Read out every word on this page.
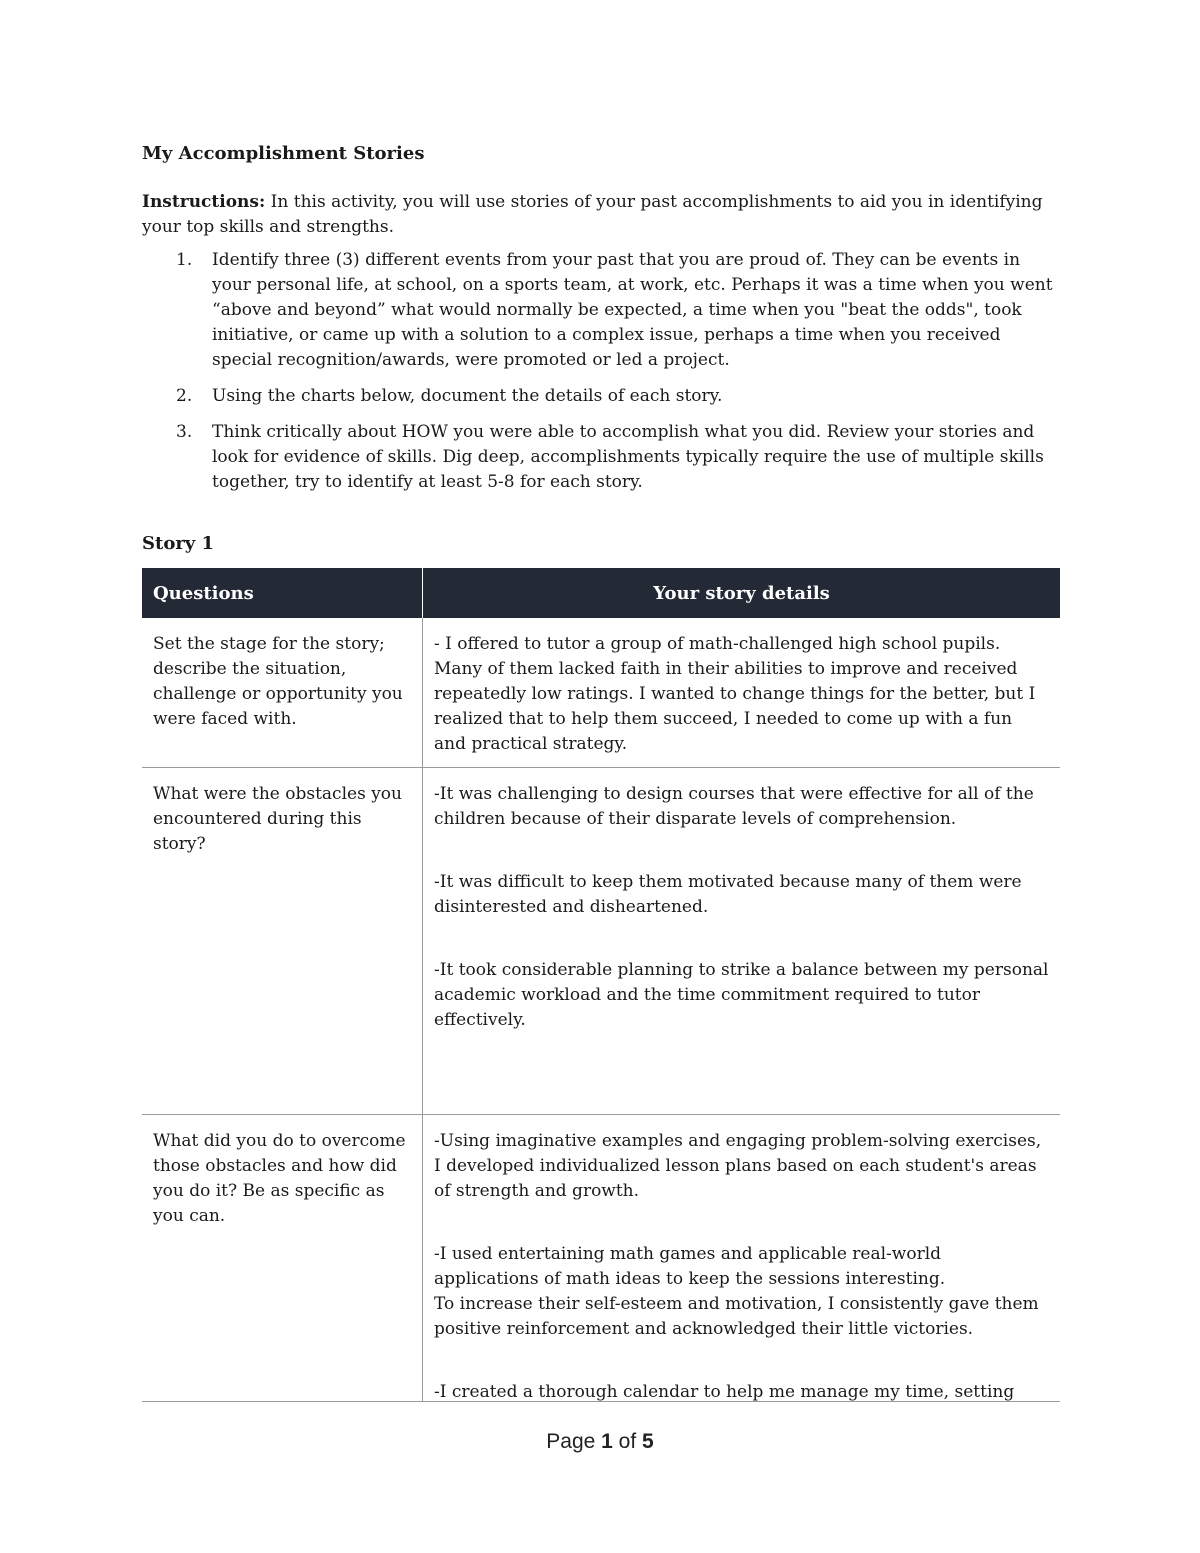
My Accomplishment Stories

Instructions: In this activity, you will use stories of your past accomplishments to aid you in identifying your top skills and strengths.

1. Identify three (3) different events from your past that you are proud of. They can be events in your personal life, at school, on a sports team, at work, etc. Perhaps it was a time when you went “above and beyond” what would normally be expected, a time when you "beat the odds", took initiative, or came up with a solution to a complex issue, perhaps a time when you received special recognition/awards, were promoted or led a project.
2. Using the charts below, document the details of each story.
3. Think critically about HOW you were able to accomplish what you did. Review your stories and look for evidence of skills. Dig deep, accomplishments typically require the use of multiple skills together, try to identify at least 5-8 for each story.

Story 1

Questions	Your story details
Set the stage for the story; describe the situation, challenge or opportunity you were faced with.	- I offered to tutor a group of math-challenged high school pupils. Many of them lacked faith in their abilities to improve and received repeatedly low ratings. I wanted to change things for the better, but I realized that to help them succeed, I needed to come up with a fun and practical strategy.

What were the obstacles you encountered during this story?	-It was challenging to design courses that were effective for all of the children because of their disparate levels of comprehension.

-It was difficult to keep them motivated because many of them were disinterested and disheartened.

-It took considerable planning to strike a balance between my personal academic workload and the time commitment required to tutor effectively.

What did you do to overcome those obstacles and how did you do it? Be as specific as you can.	-Using imaginative examples and engaging problem-solving exercises, I developed individualized lesson plans based on each student's areas of strength and growth.

-I used entertaining math games and applicable real-world applications of math ideas to keep the sessions interesting.

To increase their self-esteem and motivation, I consistently gave them positive reinforcement and acknowledged their little victories.

-I created a thorough calendar to help me manage my time, setting

Page 1 of 5
